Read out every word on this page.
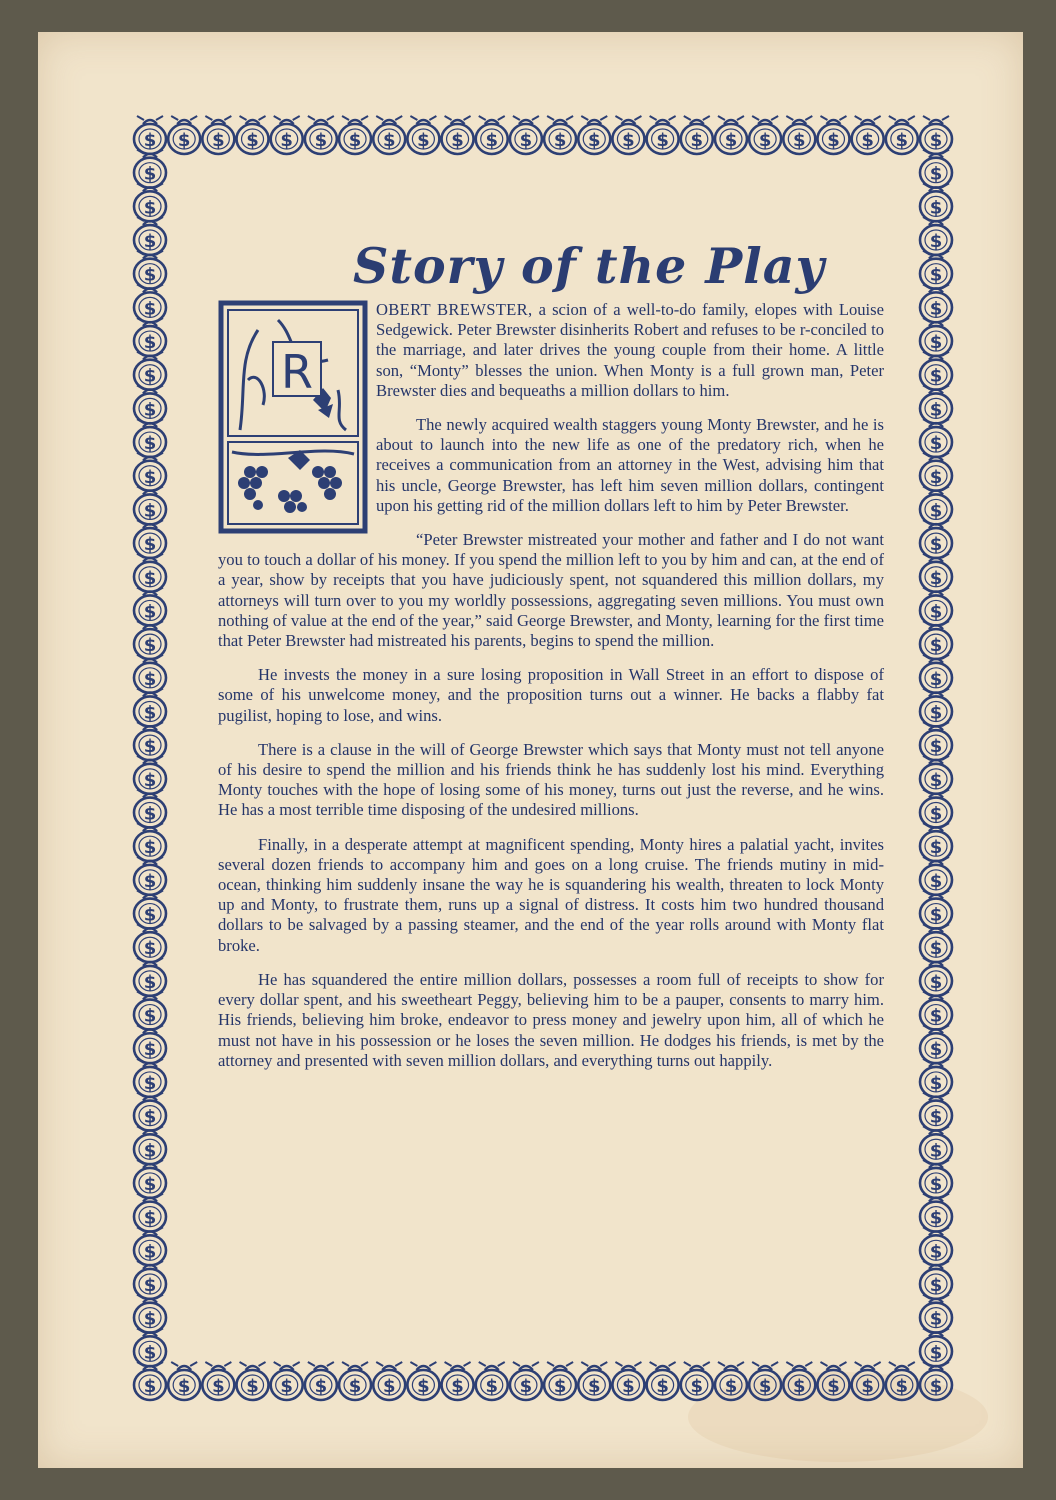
$
Story of the Play
R

OBERT BREWSTER, a scion of a well-to-do family, elopes with Louise Sedgewick. Peter Brewster disinherits Robert and refuses to be r-conciled to the marriage, and later drives the young couple from their home. A little son, “Monty” blesses the union. When Monty is a full grown man, Peter Brewster dies and bequeaths a million dollars to him.

The newly acquired wealth staggers young Monty Brewster, and he is about to launch into the new life as one of the predatory rich, when he receives a communication from an attorney in the West, advising him that his uncle, George Brewster, has left him seven million dollars, contingent upon his getting rid of the million dollars left to him by Peter Brewster.

“Peter Brewster mistreated your mother and father and I do not want you to touch a dollar of his money. If you spend the million left to you by him and can, at the end of a year, show by receipts that you have judiciously spent, not squandered this million dollars, my attorneys will turn over to you my worldly possessions, aggregating seven millions. You must own nothing of value at the end of the year,” said George Brewster, and Monty, learning for the first time that Peter Brewster had mistreated his parents, begins to spend the million.

He invests the money in a sure losing proposition in Wall Street in an effort to dispose of some of his unwelcome money, and the proposition turns out a winner. He backs a flabby fat pugilist, hoping to lose, and wins.

There is a clause in the will of George Brewster which says that Monty must not tell anyone of his desire to spend the million and his friends think he has suddenly lost his mind. Everything Monty touches with the hope of losing some of his money, turns out just the reverse, and he wins. He has a most terrible time disposing of the undesired millions.

Finally, in a desperate attempt at magnificent spending, Monty hires a palatial yacht, invites several dozen friends to accompany him and goes on a long cruise. The friends mutiny in mid-ocean, thinking him suddenly insane the way he is squandering his wealth, threaten to lock Monty up and Monty, to frustrate them, runs up a signal of distress. It costs him two hundred thousand dollars to be salvaged by a passing steamer, and the end of the year rolls around with Monty flat broke.

He has squandered the entire million dollars, possesses a room full of receipts to show for every dollar spent, and his sweetheart Peggy, believing him to be a pauper, consents to marry him. His friends, believing him broke, endeavor to press money and jewelry upon him, all of which he must not have in his possession or he loses the seven million. He dodges his friends, is met by the attorney and presented with seven million dollars, and everything turns out happily.
